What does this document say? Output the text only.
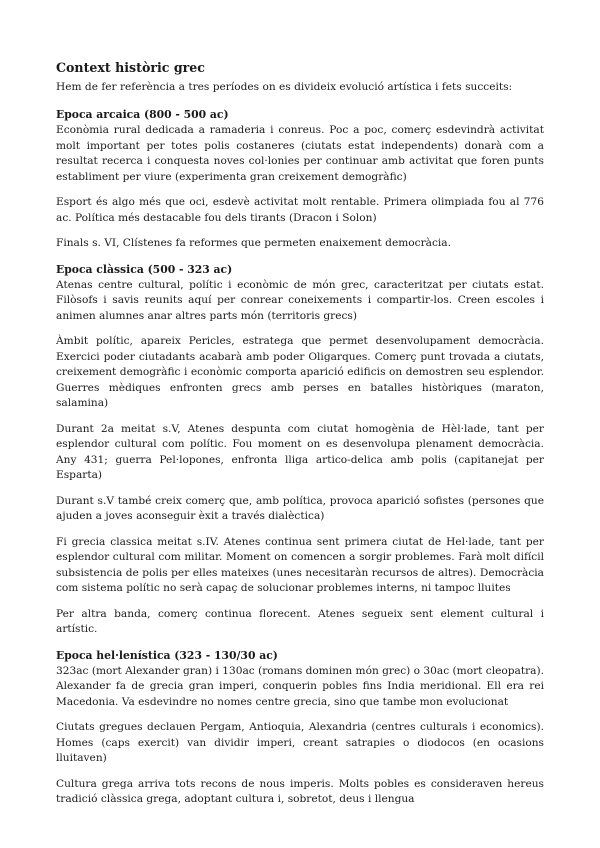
Context històric grec
Hem de fer referència a tres períodes on es divideix evolució artística i fets succeits:
Epoca arcaica (800 - 500 ac)

Econòmia rural dedicada a ramaderia i conreus. Poc a poc, comerç esdevindrà activitat molt important per totes polis costaneres (ciutats estat independents) donarà com a resultat recerca i conquesta noves col·lonies per continuar amb activitat que foren punts establiment per viure (experimenta gran creixement demogràfic)

Esport és algo més que oci, esdevè activitat molt rentable. Primera olimpiada fou al 776 ac. Política més destacable fou dels tirants (Dracon i Solon)

Finals s. VI, Clístenes fa reformes que permeten enaixement democràcia.

Epoca clàssica (500 - 323 ac)

Atenas centre cultural, polític i econòmic de món grec, caracteritzat per ciutats estat. Filòsofs i savis reunits aquí per conrear coneixements i compartir-los. Creen escoles i animen alumnes anar altres parts món (territoris grecs)

Àmbit polític, apareix Pericles, estratega que permet desenvolupament democràcia. Exercici poder ciutadants acabarà amb poder Oligarques. Comerç punt trovada a ciutats, creixement demogràfic i econòmic comporta aparició edificis on demostren seu esplendor. Guerres mèdiques enfronten grecs amb perses en batalles històriques (maraton, salamina)

Durant 2a meitat s.V, Atenes despunta com ciutat homogènia de Hèl·lade, tant per esplendor cultural com polític. Fou moment on es desenvolupa plenament democràcia. Any 431; guerra Pel·lopones, enfronta lliga artico-delica amb polis (capitanejat per Esparta)

Durant s.V també creix comerç que, amb política, provoca aparició sofistes (persones que ajuden a joves aconseguir èxit a través dialèctica)

Fi grecia classica meitat s.IV. Atenes continua sent primera ciutat de Hel·lade, tant per esplendor cultural com militar. Moment on comencen a sorgir problemes. Farà molt difícil subsistencia de polis per elles mateixes (unes necesitaràn recursos de altres). Democràcia com sistema polític no serà capaç de solucionar problemes interns, ni tampoc lluites

Per altra banda, comerç continua florecent. Atenes segueix sent element cultural i artístic.

Epoca hel·lenística (323 - 130/30 ac)

323ac (mort Alexander gran) i 130ac (romans dominen món grec) o 30ac (mort cleopatra). Alexander fa de grecia gran imperi, conquerin pobles fins India meridional. Ell era rei Macedonia. Va esdevindre no nomes centre grecia, sino que tambe mon evolucionat

Ciutats gregues declauen Pergam, Antioquia, Alexandria (centres culturals i economics). Homes (caps exercit) van dividir imperi, creant satrapies o diodocos (en ocasions lluitaven)

Cultura grega arriva tots recons de nous imperis. Molts pobles es consideraven hereus tradició clàssica grega, adoptant cultura i, sobretot, deus i llengua
